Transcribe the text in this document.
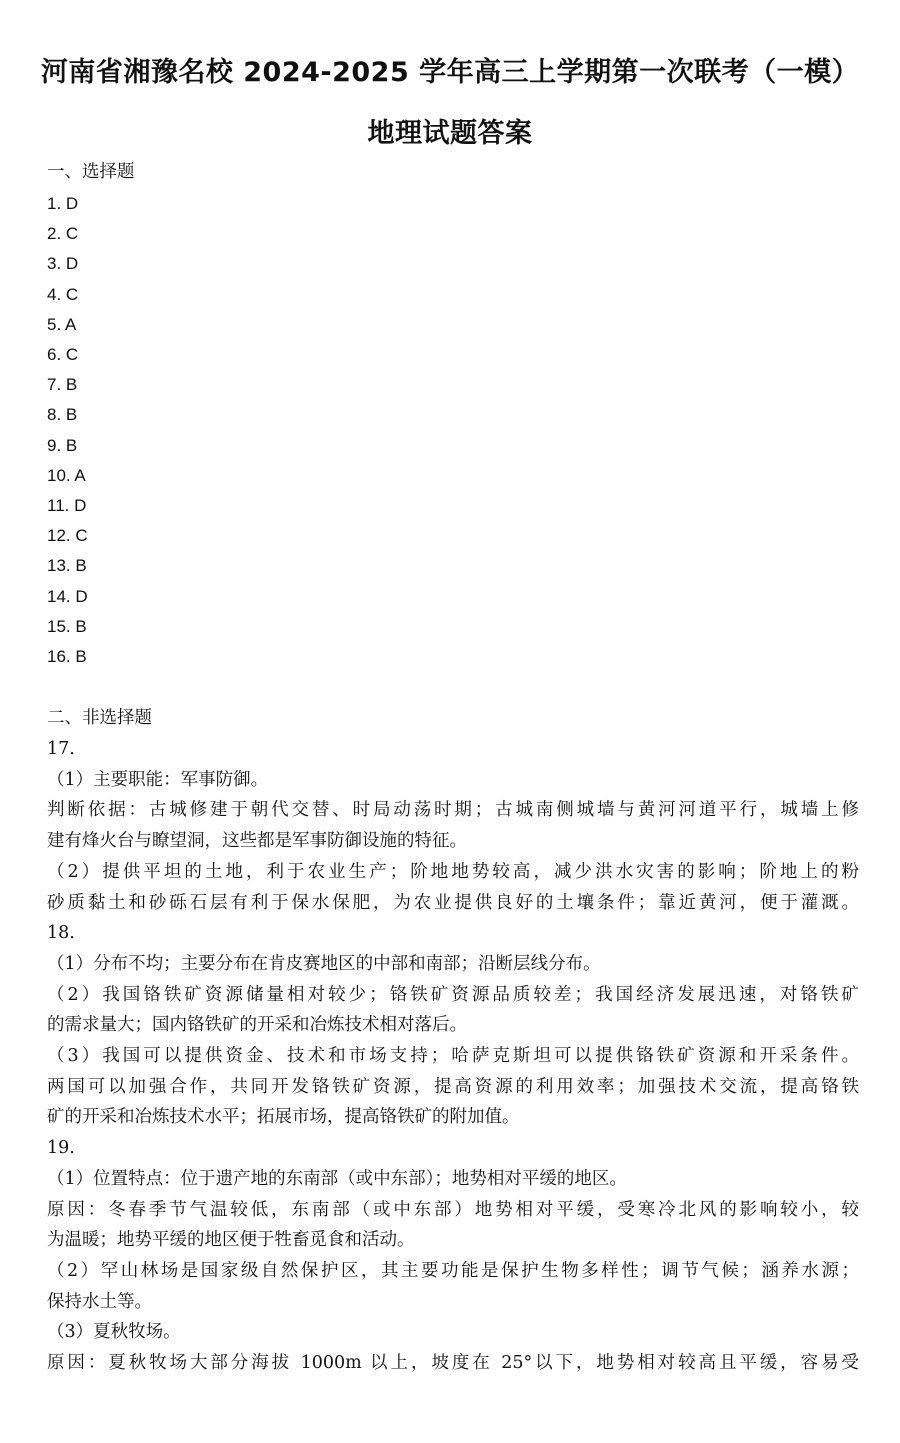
河南省湘豫名校 2024-2025 学年高三上学期第一次联考（一模）
地理试题答案
一、选择题
1. D
2. C
3. D
4. C
5. A
6. C
7. B
8. B
9. B
10. A
11. D
12. C
13. B
14. D
15. B
16. B
二、非选择题
17.
（1）主要职能：军事防御。
判断依据：古城修建于朝代交替、时局动荡时期；古城南侧城墙与黄河河道平行，城墙上修
建有烽火台与瞭望洞，这些都是军事防御设施的特征。
（2）提供平坦的土地，利于农业生产；阶地地势较高，减少洪水灾害的影响；阶地上的粉
砂质黏土和砂砾石层有利于保水保肥，为农业提供良好的土壤条件；靠近黄河，便于灌溉。
18.
（1）分布不均；主要分布在肯皮赛地区的中部和南部；沿断层线分布。
（2）我国铬铁矿资源储量相对较少；铬铁矿资源品质较差；我国经济发展迅速，对铬铁矿
的需求量大；国内铬铁矿的开采和冶炼技术相对落后。
（3）我国可以提供资金、技术和市场支持；哈萨克斯坦可以提供铬铁矿资源和开采条件。
两国可以加强合作，共同开发铬铁矿资源，提高资源的利用效率；加强技术交流，提高铬铁
矿的开采和冶炼技术水平；拓展市场，提高铬铁矿的附加值。
19.
（1）位置特点：位于遗产地的东南部（或中东部）；地势相对平缓的地区。
原因：冬春季节气温较低，东南部（或中东部）地势相对平缓，受寒冷北风的影响较小，较
为温暖；地势平缓的地区便于牲畜觅食和活动。
（2）罕山林场是国家级自然保护区，其主要功能是保护生物多样性；调节气候；涵养水源；
保持水土等。
（3）夏秋牧场。
原因：夏秋牧场大部分海拔 1000m 以上，坡度在 25°以下，地势相对较高且平缓，容易受
